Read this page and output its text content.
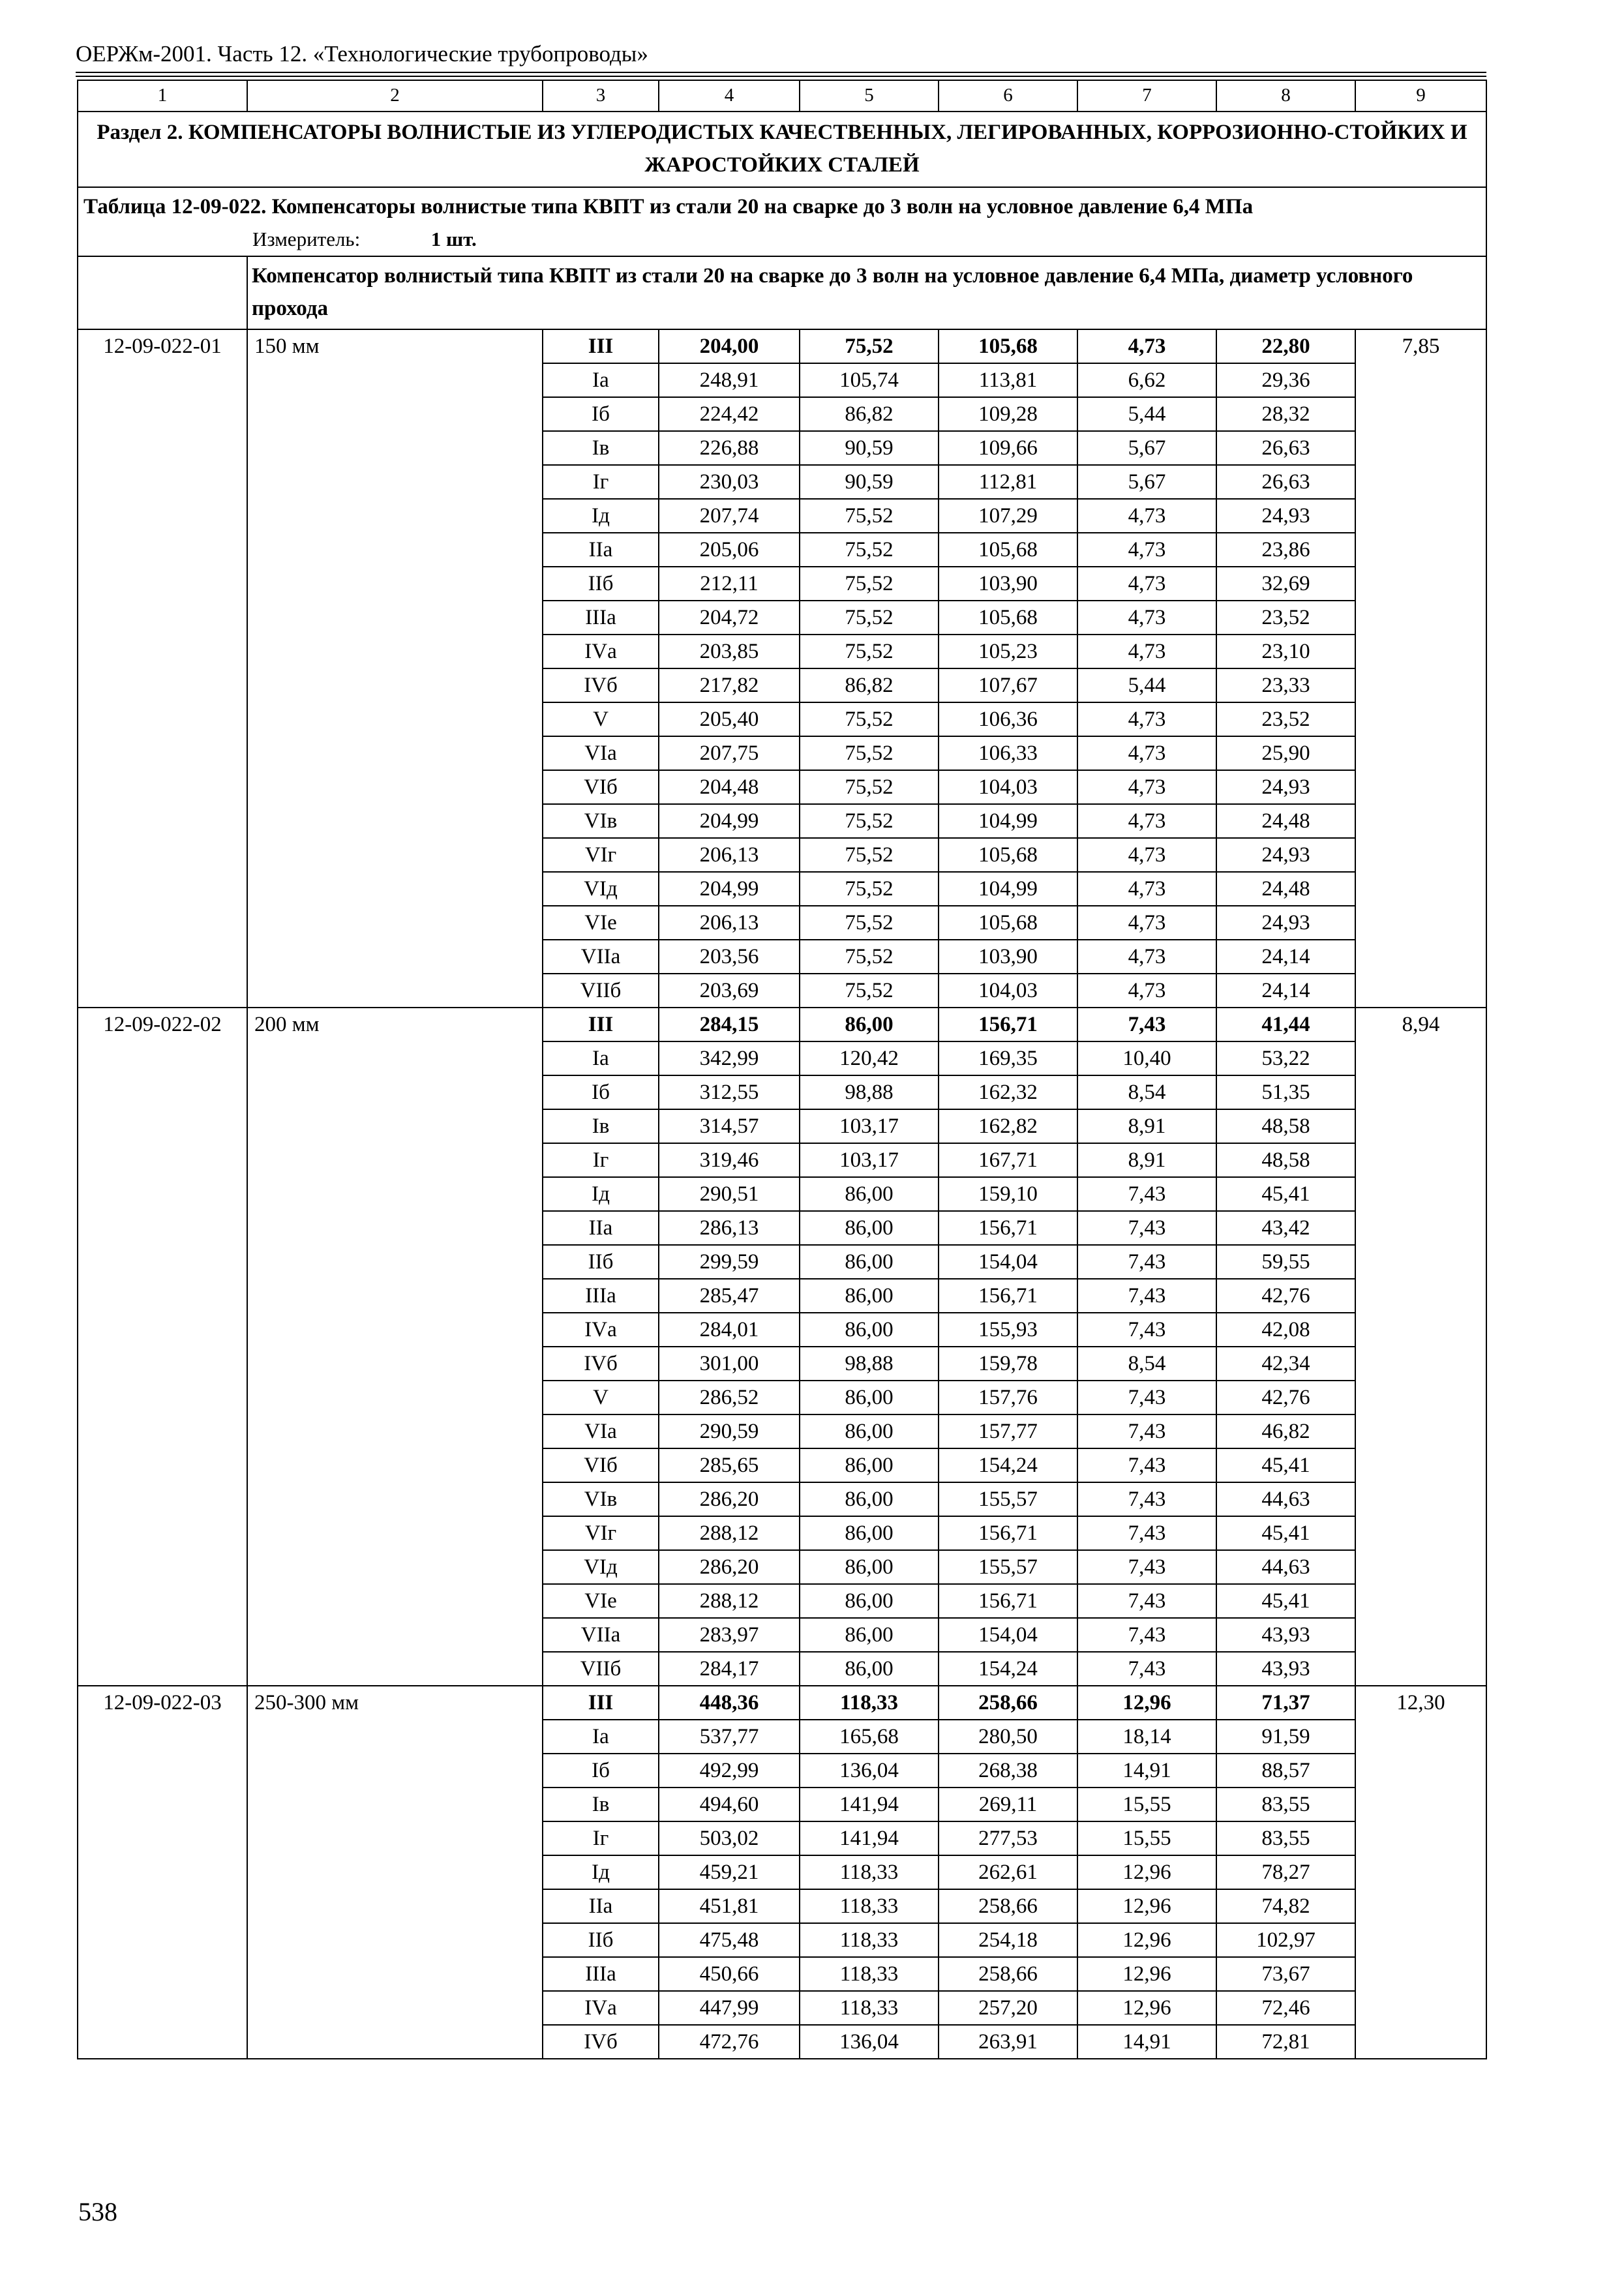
ОЕРЖм-2001. Часть 12. «Технологические трубопроводы»
1	2	3	4	5	6	7	8	9
Раздел 2. КОМПЕНСАТОРЫ ВОЛНИСТЫЕ ИЗ УГЛЕРОДИСТЫХ КАЧЕСТВЕННЫХ, ЛЕГИРОВАННЫХ, КОРРОЗИОННО-СТОЙКИХ И ЖАРОСТОЙКИХ СТАЛЕЙ								
Таблица 12-09-022. Компенсаторы волнистые типа КВПТ из стали 20 на сварке до 3 волн на условное давление 6,4 МПа								
	Измеритель: 1 шт.							
	Компенсатор волнистый типа КВПТ из стали 20 на сварке до 3 волн на условное давление 6,4 МПа, диаметр условного прохода							
12-09-022-01	150 мм	III	204,00	75,52	105,68	4,73	22,80	7,85
		Iа	248,91	105,74	113,81	6,62	29,36	
		Iб	224,42	86,82	109,28	5,44	28,32	
		Iв	226,88	90,59	109,66	5,67	26,63	
		Iг	230,03	90,59	112,81	5,67	26,63	
		Iд	207,74	75,52	107,29	4,73	24,93	
		IIа	205,06	75,52	105,68	4,73	23,86	
		IIб	212,11	75,52	103,90	4,73	32,69	
		IIIа	204,72	75,52	105,68	4,73	23,52	
		IVа	203,85	75,52	105,23	4,73	23,10	
		IVб	217,82	86,82	107,67	5,44	23,33	
		V	205,40	75,52	106,36	4,73	23,52	
		VIа	207,75	75,52	106,33	4,73	25,90	
		VIб	204,48	75,52	104,03	4,73	24,93	
		VIв	204,99	75,52	104,99	4,73	24,48	
		VIг	206,13	75,52	105,68	4,73	24,93	
		VIд	204,99	75,52	104,99	4,73	24,48	
		VIе	206,13	75,52	105,68	4,73	24,93	
		VIIа	203,56	75,52	103,90	4,73	24,14	
		VIIб	203,69	75,52	104,03	4,73	24,14	
12-09-022-02	200 мм	III	284,15	86,00	156,71	7,43	41,44	8,94
		Iа	342,99	120,42	169,35	10,40	53,22	
		Iб	312,55	98,88	162,32	8,54	51,35	
		Iв	314,57	103,17	162,82	8,91	48,58	
		Iг	319,46	103,17	167,71	8,91	48,58	
		Iд	290,51	86,00	159,10	7,43	45,41	
		IIа	286,13	86,00	156,71	7,43	43,42	
		IIб	299,59	86,00	154,04	7,43	59,55	
		IIIа	285,47	86,00	156,71	7,43	42,76	
		IVа	284,01	86,00	155,93	7,43	42,08	
		IVб	301,00	98,88	159,78	8,54	42,34	
		V	286,52	86,00	157,76	7,43	42,76	
		VIа	290,59	86,00	157,77	7,43	46,82	
		VIб	285,65	86,00	154,24	7,43	45,41	
		VIв	286,20	86,00	155,57	7,43	44,63	
		VIг	288,12	86,00	156,71	7,43	45,41	
		VIд	286,20	86,00	155,57	7,43	44,63	
		VIе	288,12	86,00	156,71	7,43	45,41	
		VIIа	283,97	86,00	154,04	7,43	43,93	
		VIIб	284,17	86,00	154,24	7,43	43,93	
12-09-022-03	250-300 мм	III	448,36	118,33	258,66	12,96	71,37	12,30
		Iа	537,77	165,68	280,50	18,14	91,59	
		Iб	492,99	136,04	268,38	14,91	88,57	
		Iв	494,60	141,94	269,11	15,55	83,55	
		Iг	503,02	141,94	277,53	15,55	83,55	
		Iд	459,21	118,33	262,61	12,96	78,27	
		IIа	451,81	118,33	258,66	12,96	74,82	
		IIб	475,48	118,33	254,18	12,96	102,97	
		IIIа	450,66	118,33	258,66	12,96	73,67	
		IVа	447,99	118,33	257,20	12,96	72,46	
		IVб	472,76	136,04	263,91	14,91	72,81	
538
